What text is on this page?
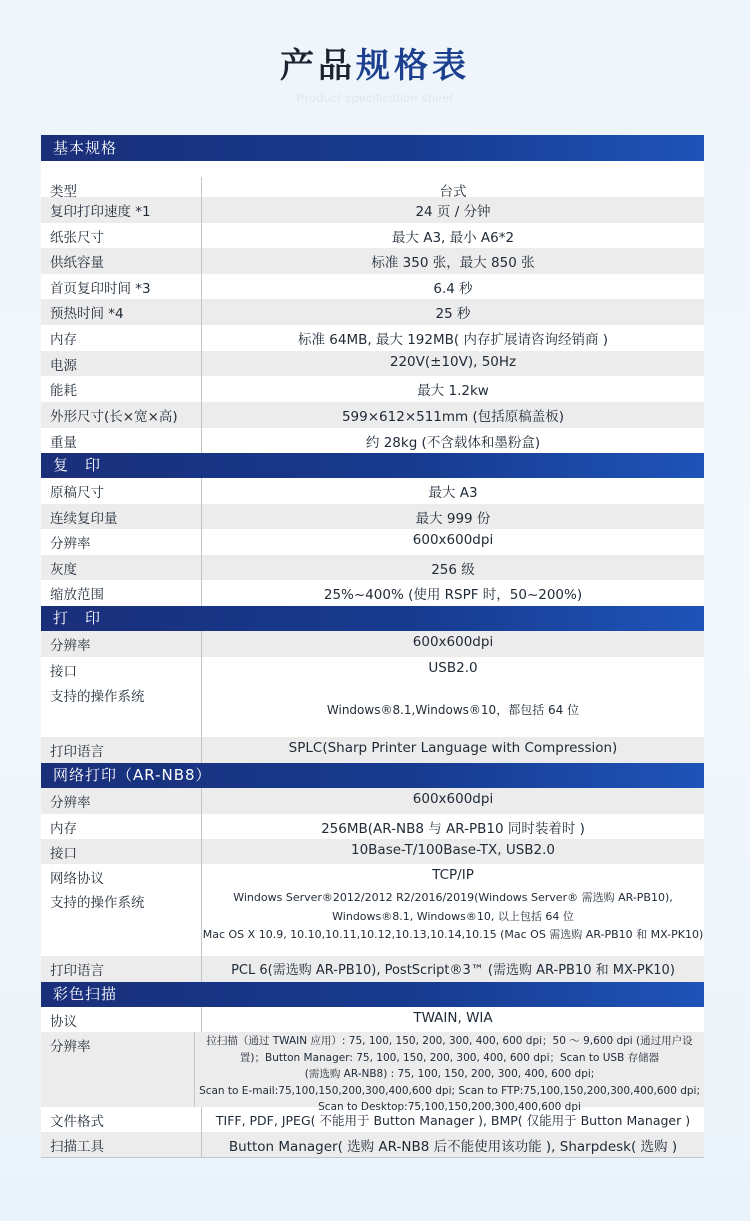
产品规格表
Product specification sheet
基本规格
类型	台式
复印打印速度 *1	24 页 / 分钟
纸张尺寸	最大 A3, 最小 A6*2
供纸容量	标准 350 张，最大 850 张
首页复印时间 *3	6.4 秒
预热时间 *4	25 秒
内存	标准 64MB, 最大 192MB( 内存扩展请咨询经销商 )
电源	220V(±10V), 50Hz
能耗	最大 1.2kw
外形尺寸(长×宽×高)	599×612×511mm (包括原稿盖板)
重量	约 28kg (不含载体和墨粉盒)
复　印
原稿尺寸	最大 A3
连续复印量	最大 999 份
分辨率	600x600dpi
灰度	256 级
缩放范围	25%~400% (使用 RSPF 时，50~200%)
打　印
分辨率	600x600dpi
接口	USB2.0
支持的操作系统
Windows®8.1,Windows®10，都包括 64 位
打印语言	SPLC(Sharp Printer Language with Compression)
网络打印（AR-NB8）
分辨率	600x600dpi
内存	256MB(AR-NB8 与 AR-PB10 同时装着时 )
接口	10Base-T/100Base-TX, USB2.0
网络协议	TCP/IP
支持的操作系统	Windows Server®2012/2012 R2/2016/2019(Windows Server® 需选购 AR-PB10),
Windows®8.1, Windows®10, 以上包括 64 位
Mac OS X 10.9, 10.10,10.11,10.12,10.13,10.14,10.15 (Mac OS 需选购 AR-PB10 和 MX-PK10)
打印语言	PCL 6(需选购 AR-PB10), PostScript®3™ (需选购 AR-PB10 和 MX-PK10)
彩色扫描
协议	TWAIN, WIA
分辨率	拉扫描（通过 TWAIN 应用）: 75, 100, 150, 200, 300, 400, 600 dpi；50 ～ 9,600 dpi (通过用户设
置)；Button Manager: 75, 100, 150, 200, 300, 400, 600 dpi；Scan to USB 存储器
(需选购 AR-NB8) : 75, 100, 150, 200, 300, 400, 600 dpi;
Scan to E-mail:75,100,150,200,300,400,600 dpi; Scan to FTP:75,100,150,200,300,400,600 dpi;
Scan to Desktop:75,100,150,200,300,400,600 dpi
文件格式	TIFF, PDF, JPEG( 不能用于 Button Manager ), BMP( 仅能用于 Button Manager )
扫描工具	Button Manager( 选购 AR-NB8 后不能使用该功能 ), Sharpdesk( 选购 )
